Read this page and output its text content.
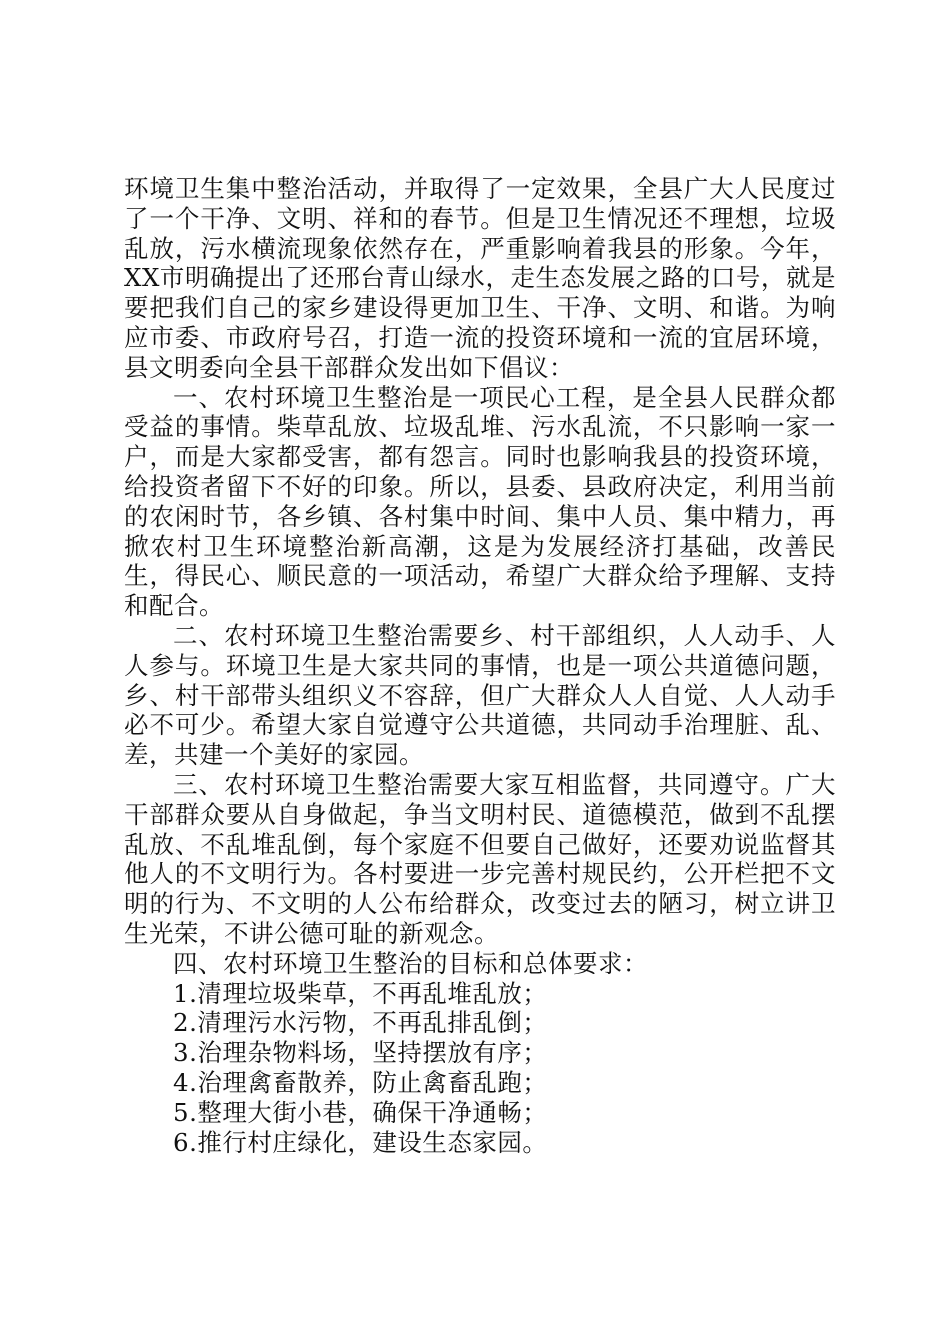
环境卫生集中整治活动，并取得了一定效果，全县广大人民度过了一个干净、文明、祥和的春节。但是卫生情况还不理想，垃圾乱放，污水横流现象依然存在，严重影响着我县的形象。今年，XX市明确提出了还邢台青山绿水，走生态发展之路的口号，就是要把我们自己的家乡建设得更加卫生、干净、文明、和谐。为响应市委、市政府号召，打造一流的投资环境和一流的宜居环境，县文明委向全县干部群众发出如下倡议：

一、农村环境卫生整治是一项民心工程，是全县人民群众都受益的事情。柴草乱放、垃圾乱堆、污水乱流，不只影响一家一户，而是大家都受害，都有怨言。同时也影响我县的投资环境，给投资者留下不好的印象。所以，县委、县政府决定，利用当前的农闲时节，各乡镇、各村集中时间、集中人员、集中精力，再掀农村卫生环境整治新高潮，这是为发展经济打基础，改善民生，得民心、顺民意的一项活动，希望广大群众给予理解、支持和配合。

二、农村环境卫生整治需要乡、村干部组织，人人动手、人人参与。环境卫生是大家共同的事情，也是一项公共道德问题，乡、村干部带头组织义不容辞，但广大群众人人自觉、人人动手必不可少。希望大家自觉遵守公共道德，共同动手治理脏、乱、差，共建一个美好的家园。

三、农村环境卫生整治需要大家互相监督，共同遵守。广大干部群众要从自身做起，争当文明村民、道德模范，做到不乱摆乱放、不乱堆乱倒，每个家庭不但要自己做好，还要劝说监督其他人的不文明行为。各村要进一步完善村规民约，公开栏把不文明的行为、不文明的人公布给群众，改变过去的陋习，树立讲卫生光荣，不讲公德可耻的新观念。

四、农村环境卫生整治的目标和总体要求：

1.清理垃圾柴草，不再乱堆乱放；

2.清理污水污物，不再乱排乱倒；

3.治理杂物料场，坚持摆放有序；

4.治理禽畜散养，防止禽畜乱跑；

5.整理大街小巷，确保干净通畅；

6.推行村庄绿化，建设生态家园。
